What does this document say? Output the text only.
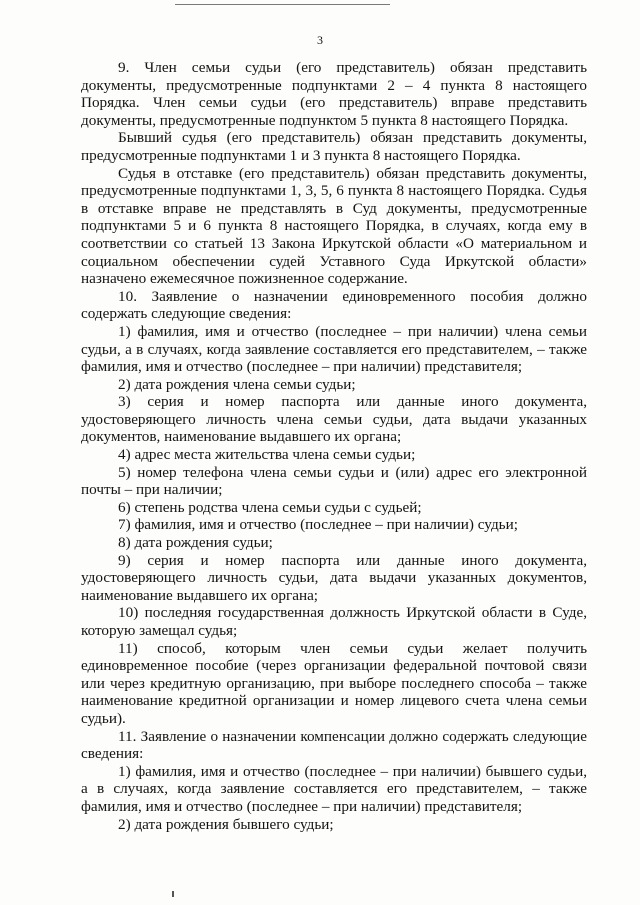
3

9. Член семьи судьи (его представитель) обязан представить документы, предусмотренные подпунктами 2 – 4 пункта 8 настоящего Порядка. Член семьи судьи (его представитель) вправе представить документы, предусмотренные подпунктом 5 пункта 8 настоящего Порядка.

Бывший судья (его представитель) обязан представить документы, предусмотренные подпунктами 1 и 3 пункта 8 настоящего Порядка.

Судья в отставке (его представитель) обязан представить документы, предусмотренные подпунктами 1, 3, 5, 6 пункта 8 настоящего Порядка. Судья в отставке вправе не представлять в Суд документы, предусмотренные подпунктами 5 и 6 пункта 8 настоящего Порядка, в случаях, когда ему в соответствии со статьей 13 Закона Иркутской области «О материальном и социальном обеспечении судей Уставного Суда Иркутской области» назначено ежемесячное пожизненное содержание.

10. Заявление о назначении единовременного пособия должно содержать следующие сведения:

1) фамилия, имя и отчество (последнее – при наличии) члена семьи судьи, а в случаях, когда заявление составляется его представителем, – также фамилия, имя и отчество (последнее – при наличии) представителя;

2) дата рождения члена семьи судьи;

3) серия и номер паспорта или данные иного документа, удостоверяющего личность члена семьи судьи, дата выдачи указанных документов, наименование выдавшего их органа;

4) адрес места жительства члена семьи судьи;

5) номер телефона члена семьи судьи и (или) адрес его электронной почты – при наличии;

6) степень родства члена семьи судьи с судьей;

7) фамилия, имя и отчество (последнее – при наличии) судьи;

8) дата рождения судьи;

9) серия и номер паспорта или данные иного документа, удостоверяющего личность судьи, дата выдачи указанных документов, наименование выдавшего их органа;

10) последняя государственная должность Иркутской области в Суде, которую замещал судья;

11) способ, которым член семьи судьи желает получить единовременное пособие (через организации федеральной почтовой связи или через кредитную организацию, при выборе последнего способа – также наименование кредитной организации и номер лицевого счета члена семьи судьи).

11. Заявление о назначении компенсации должно содержать следующие сведения:

1) фамилия, имя и отчество (последнее – при наличии) бывшего судьи, а в случаях, когда заявление составляется его представителем, – также фамилия, имя и отчество (последнее – при наличии) представителя;

2) дата рождения бывшего судьи;
